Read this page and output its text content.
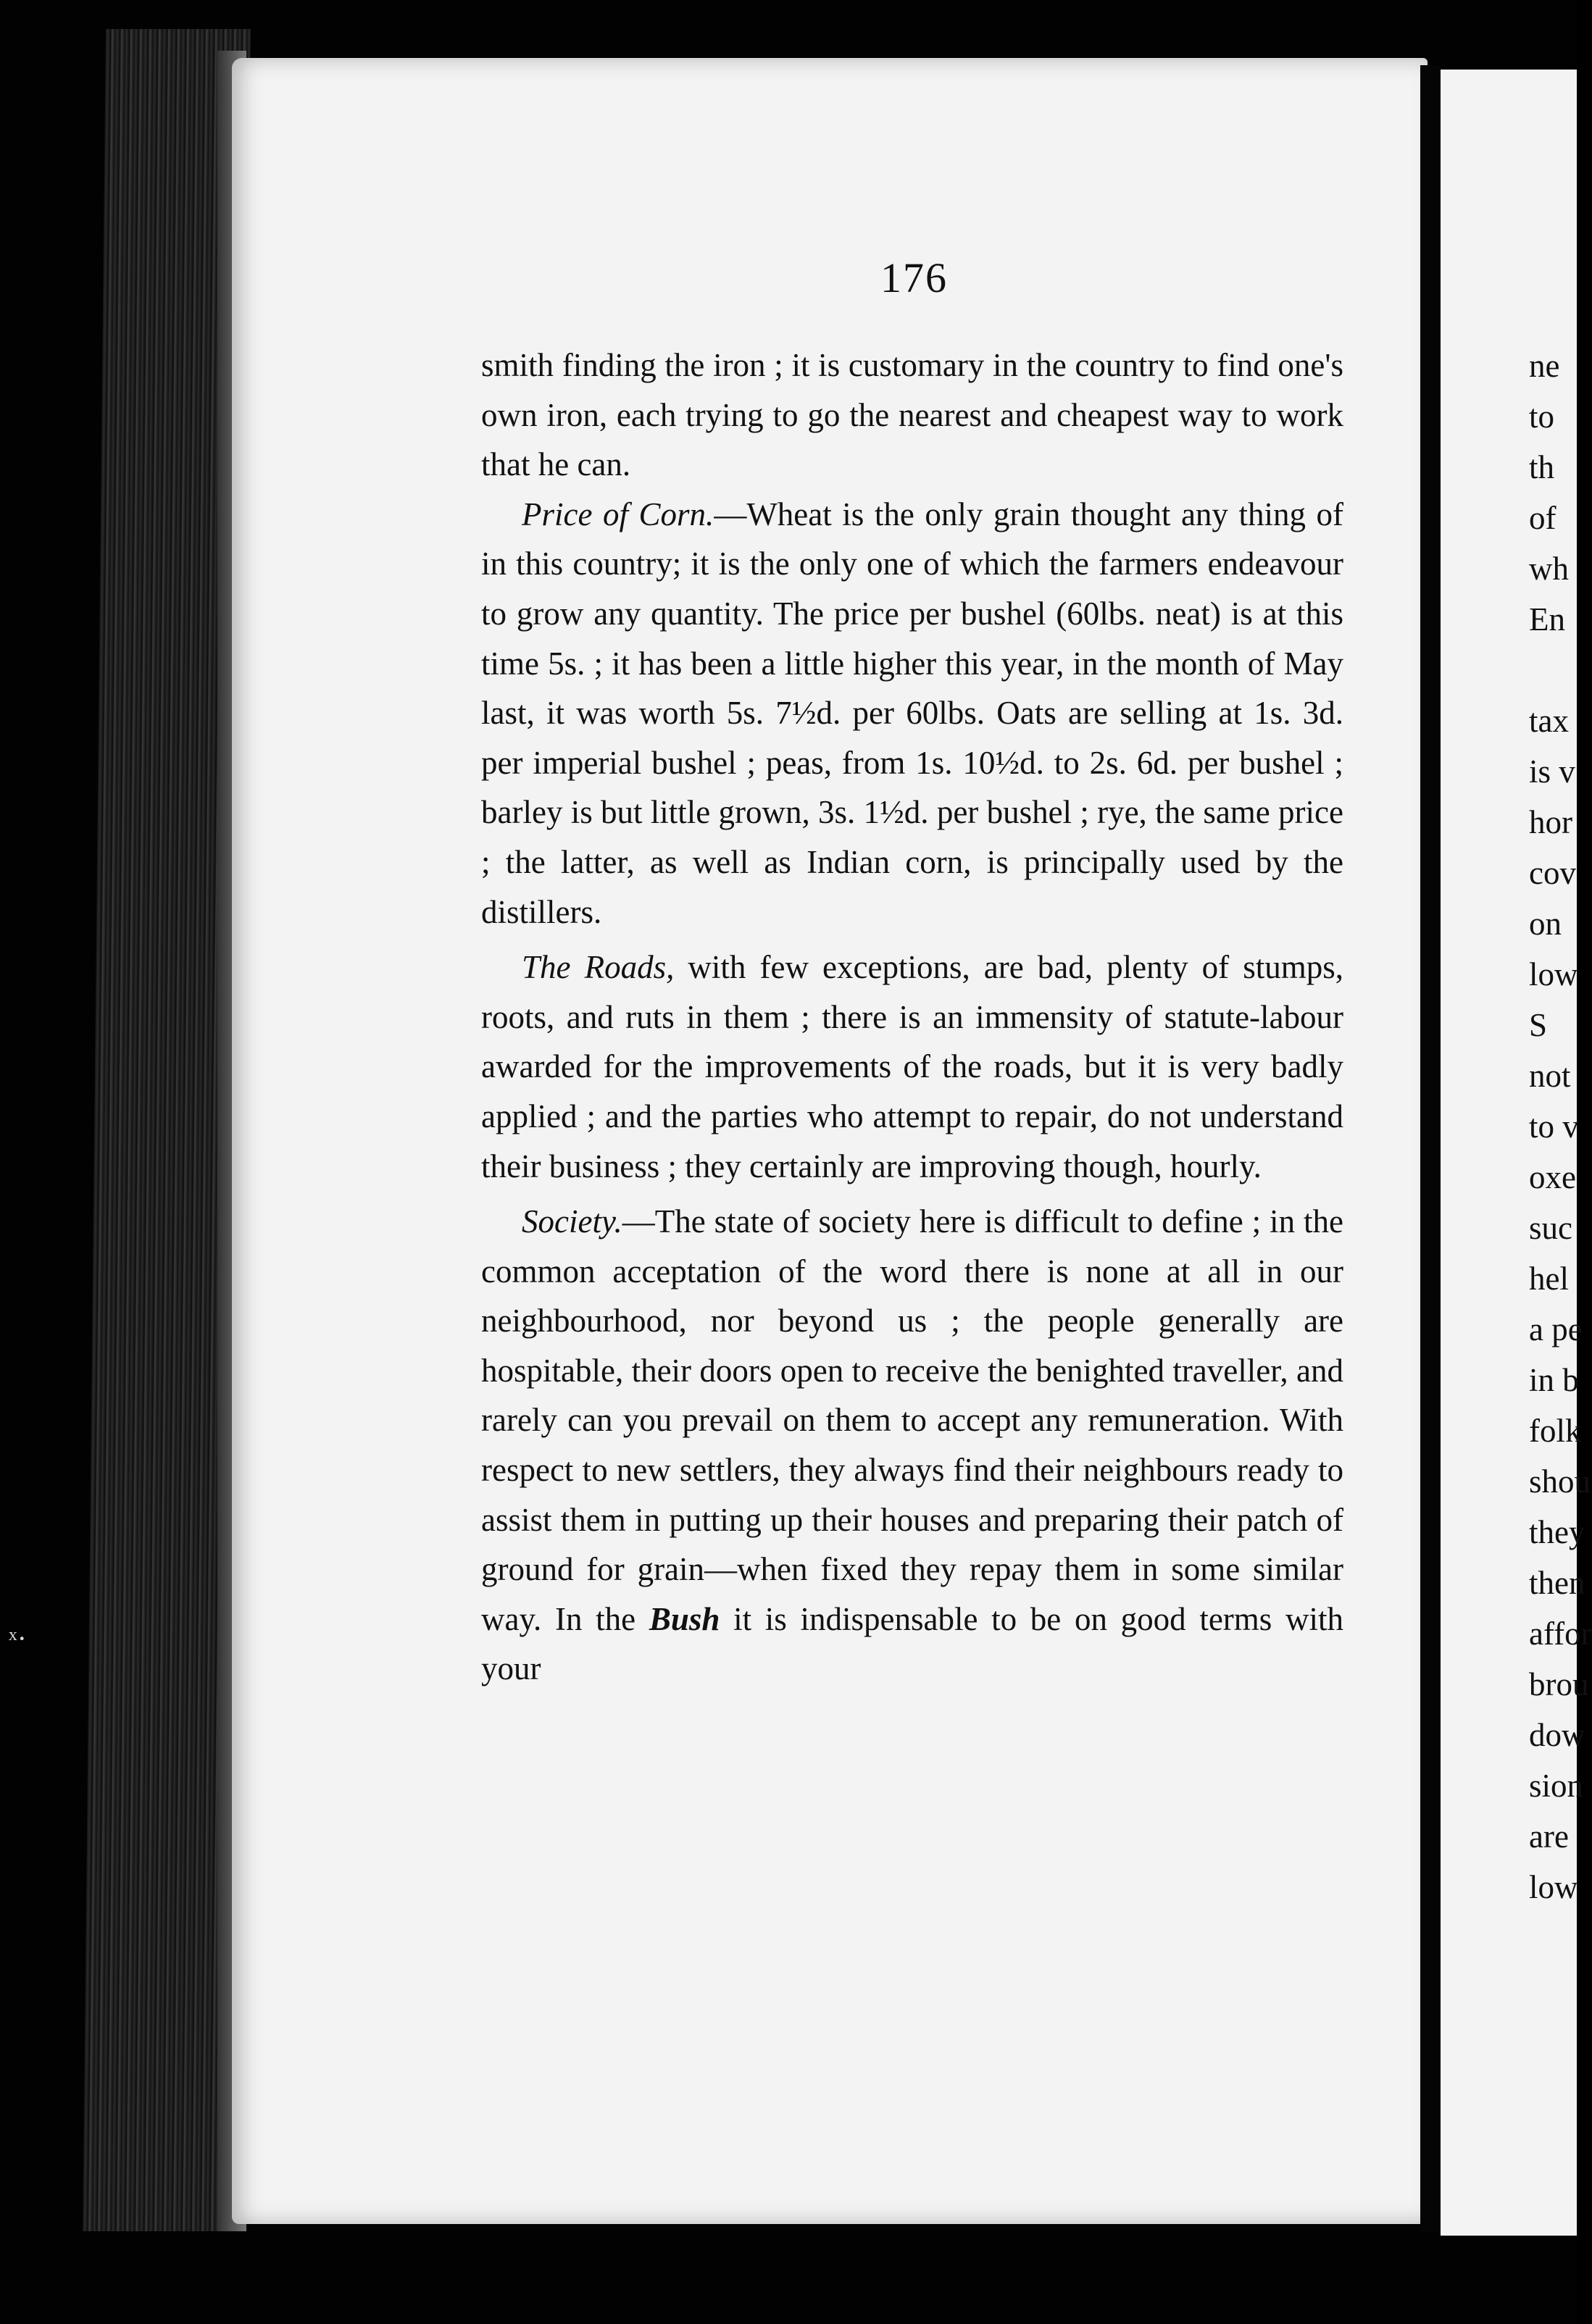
176

smith finding the iron ; it is customary in the country to find one's own iron, each trying to go the nearest and cheapest way to work that he can.

Price of Corn.—Wheat is the only grain thought any thing of in this country; it is the only one of which the farmers endeavour to grow any quantity. The price per bushel (60lbs. neat) is at this time 5s. ; it has been a little higher this year, in the month of May last, it was worth 5s. 7½d. per 60lbs. Oats are selling at 1s. 3d. per imperial bushel ; peas, from 1s. 10½d. to 2s. 6d. per bushel ; barley is but little grown, 3s. 1½d. per bushel ; rye, the same price ; the latter, as well as Indian corn, is principally used by the distillers.

The Roads, with few exceptions, are bad, plenty of stumps, roots, and ruts in them ; there is an immensity of statute-labour awarded for the improvements of the roads, but it is very badly applied ; and the parties who attempt to repair, do not understand their business ; they certainly are improving though, hourly.

Society.—The state of society here is difficult to define ; in the common acceptation of the word there is none at all in our neighbourhood, nor beyond us ; the people generally are hospitable, their doors open to receive the benighted traveller, and rarely can you prevail on them to accept any remuneration. With respect to new settlers, they always find their neighbours ready to assist them in putting up their houses and preparing their patch of ground for grain—when fixed they repay them in some similar way. In the Bush it is indispensable to be on good terms with your

ne
to
th
of
wh
En
tax
is v
hor
cov
on
low
S
not
to v
oxe
suc
hel
a pe
in b
folk
shou
they
then
affor
brou
dow
sion
are
low
ˣ·
